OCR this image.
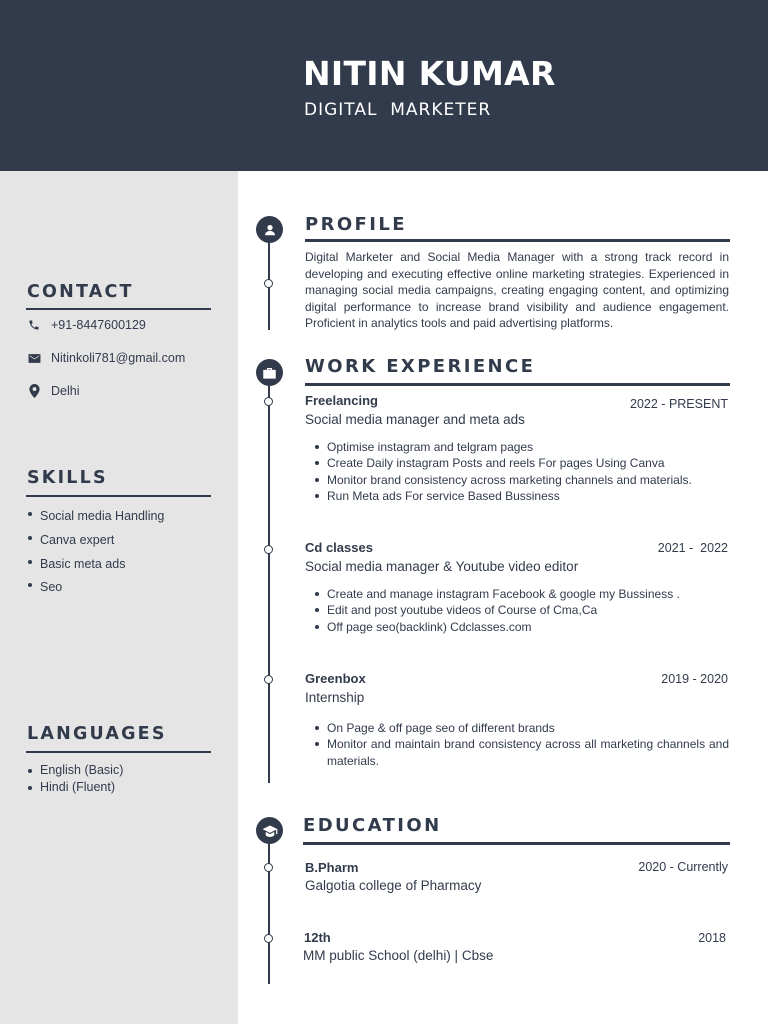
NITIN KUMAR
DIGITAL  MARKETER
CONTACT
+91-8447600129
Nitinkoli781@gmail.com
Delhi
SKILLS
Social media Handling
Canva expert
Basic meta ads
Seo
LANGUAGES
English (Basic)
Hindi (Fluent)
PROFILE
Digital Marketer and Social Media Manager with a strong track record in developing and executing effective online marketing strategies. Experienced in managing social media campaigns, creating engaging content, and optimizing digital performance to increase brand visibility and audience engagement. Proficient in analytics tools and paid advertising platforms.
WORK EXPERIENCE
Freelancing	2022 - PRESENT
Social media manager and meta ads
Optimise instagram and telgram pages
Create Daily instagram Posts and reels For pages Using Canva
Monitor brand consistency across marketing channels and materials.
Run Meta ads For service Based Bussiness
Cd classes	2021 -  2022
Social media manager & Youtube video editor
Create and manage instagram Facebook & google my Bussiness .
Edit and post youtube videos of Course of Cma,Ca
Off page seo(backlink) Cdclasses.com
Greenbox	2019 - 2020
Internship
On Page & off page seo of different brands
Monitor and maintain brand consistency across all marketing channels and materials.
EDUCATION
B.Pharm	2020 - Currently
Galgotia college of Pharmacy
12th	2018
MM public School (delhi) | Cbse
